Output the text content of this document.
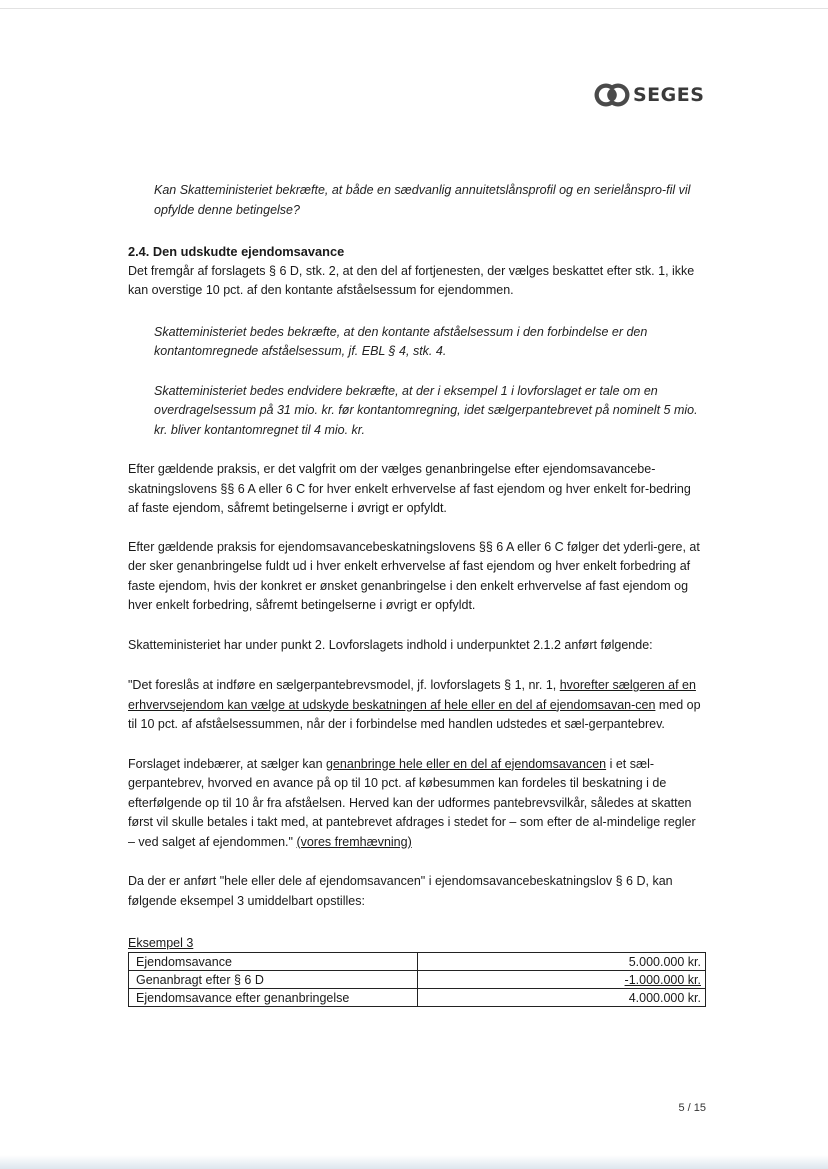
SEGES

Kan Skatteministeriet bekræfte, at både en sædvanlig annuitetslånsprofil og en serielånspro-fil vil opfylde denne betingelse?

2.4. Den udskudte ejendomsavance

Det fremgår af forslagets § 6 D, stk. 2, at den del af fortjenesten, der vælges beskattet efter stk. 1, ikke kan overstige 10 pct. af den kontante afståelsessum for ejendommen.

Skatteministeriet bedes bekræfte, at den kontante afståelsessum i den forbindelse er den kontantomregnede afståelsessum, jf. EBL § 4, stk. 4.

Skatteministeriet bedes endvidere bekræfte, at der i eksempel 1 i lovforslaget er tale om en overdragelsessum på 31 mio. kr. før kontantomregning, idet sælgerpantebrevet på nominelt 5 mio. kr. bliver kontantomregnet til 4 mio. kr.

Efter gældende praksis, er det valgfrit om der vælges genanbringelse efter ejendomsavancebe-skatningslovens §§ 6 A eller 6 C for hver enkelt erhvervelse af fast ejendom og hver enkelt for-bedring af faste ejendom, såfremt betingelserne i øvrigt er opfyldt.

Efter gældende praksis for ejendomsavancebeskatningslovens §§ 6 A eller 6 C følger det yderli-gere, at der sker genanbringelse fuldt ud i hver enkelt erhvervelse af fast ejendom og hver enkelt forbedring af faste ejendom, hvis der konkret er ønsket genanbringelse i den enkelt erhvervelse af fast ejendom og hver enkelt forbedring, såfremt betingelserne i øvrigt er opfyldt.

Skatteministeriet har under punkt 2. Lovforslagets indhold i underpunktet 2.1.2 anført følgende:

"Det foreslås at indføre en sælgerpantebrevsmodel, jf. lovforslagets § 1, nr. 1, hvorefter sælgeren af en erhvervsejendom kan vælge at udskyde beskatningen af hele eller en del af ejendomsavan-cen med op til 10 pct. af afståelsessummen, når der i forbindelse med handlen udstedes et sæl-gerpantebrev.

Forslaget indebærer, at sælger kan genanbringe hele eller en del af ejendomsavancen i et sæl-gerpantebrev, hvorved en avance på op til 10 pct. af købesummen kan fordeles til beskatning i de efterfølgende op til 10 år fra afståelsen. Herved kan der udformes pantebrevsvilkår, således at skatten først vil skulle betales i takt med, at pantebrevet afdrages i stedet for – som efter de al-mindelige regler – ved salget af ejendommen." (vores fremhævning)

Da der er anført "hele eller dele af ejendomsavancen" i ejendomsavancebeskatningslov § 6 D, kan følgende eksempel 3 umiddelbart opstilles:

Eksempel 3

Ejendomsavance	5.000.000 kr.
Genanbragt efter § 6 D	-1.000.000 kr.
Ejendomsavance efter genanbringelse	4.000.000 kr.
5 / 15
